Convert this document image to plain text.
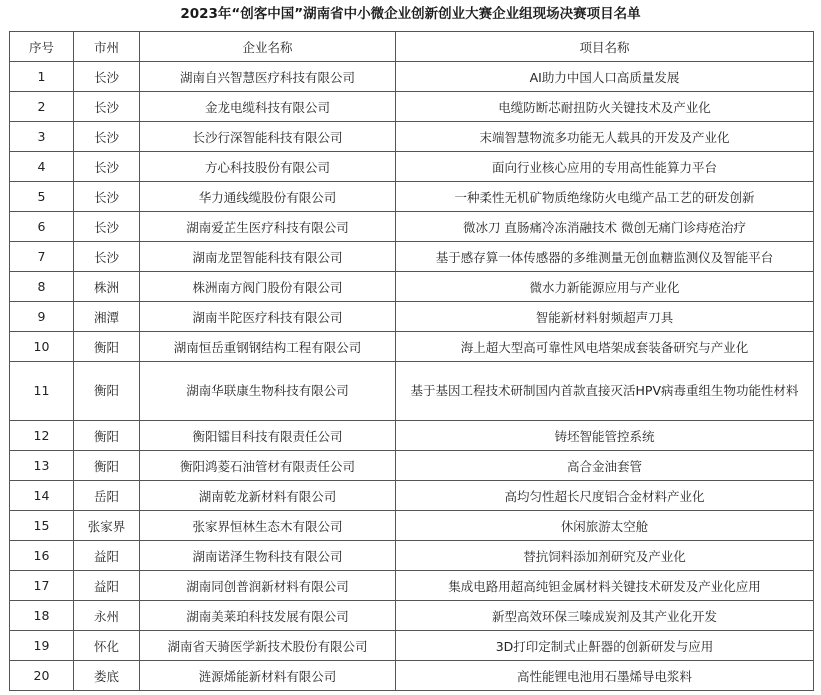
2023年“创客中国”湖南省中小微企业创新创业大赛企业组现场决赛项目名单
序号	市州	企业名称	项目名称
1	长沙	湖南自兴智慧医疗科技有限公司	AI助力中国人口高质量发展
2	长沙	金龙电缆科技有限公司	电缆防断芯耐扭防火关键技术及产业化
3	长沙	长沙行深智能科技有限公司	末端智慧物流多功能无人载具的开发及产业化
4	长沙	方心科技股份有限公司	面向行业核心应用的专用高性能算力平台
5	长沙	华力通线缆股份有限公司	一种柔性无机矿物质绝缘防火电缆产品工艺的研发创新
6	长沙	湖南爱芷生医疗科技有限公司	微冰刀 直肠痛冷冻消融技术 微创无痛门诊痔疮治疗
7	长沙	湖南龙罡智能科技有限公司	基于感存算一体传感器的多维测量无创血糖监测仪及智能平台
8	株洲	株洲南方阀门股份有限公司	微水力新能源应用与产业化
9	湘潭	湖南半陀医疗科技有限公司	智能新材料射频超声刀具
10	衡阳	湖南恒岳重钢钢结构工程有限公司	海上超大型高可靠性风电塔架成套装备研究与产业化
11	衡阳	湖南华联康生物科技有限公司	基于基因工程技术研制国内首款直接灭活HPV病毒重组生物功能性材料
12	衡阳	衡阳镭目科技有限责任公司	铸坯智能管控系统
13	衡阳	衡阳鸿菱石油管材有限责任公司	高合金油套管
14	岳阳	湖南乾龙新材料有限公司	高均匀性超长尺度铝合金材料产业化
15	张家界	张家界恒林生态木有限公司	休闲旅游太空舱
16	益阳	湖南诺泽生物科技有限公司	替抗饲料添加剂研究及产业化
17	益阳	湖南同创普润新材料有限公司	集成电路用超高纯钽金属材料关键技术研发及产业化应用
18	永州	湖南美莱珀科技发展有限公司	新型高效环保三嗪成炭剂及其产业化开发
19	怀化	湖南省天骑医学新技术股份有限公司	3D打印定制式止鼾器的创新研发与应用
20	娄底	涟源烯能新材料有限公司	高性能锂电池用石墨烯导电浆料
